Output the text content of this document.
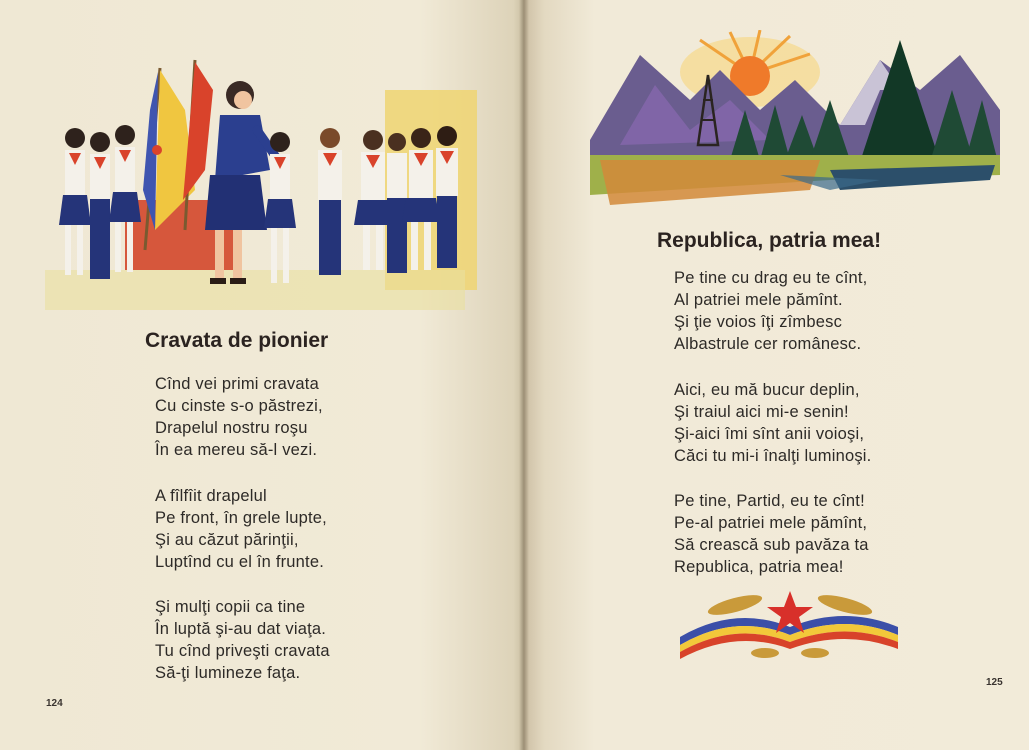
Cravata de pionier
Cînd vei primi cravata
Cu cinste s-o păstrezi,
Drapelul nostru roşu
În ea mereu să-l vezi.
A fîlfîit drapelul
Pe front, în grele lupte,
Şi au căzut părinţii,
Luptînd cu el în frunte.
Şi mulţi copii ca tine
În luptă şi-au dat viaţa.
Tu cînd priveşti cravata
Să-ţi lumineze faţa.
124
Republica, patria mea!
Pe tine cu drag eu te cînt,
Al patriei mele pămînt.
Şi ţie voios îţi zîmbesc
Albastrule cer românesc.
Aici, eu mă bucur deplin,
Şi traiul aici mi-e senin!
Şi-aici îmi sînt anii voioşi,
Căci tu mi-i înalţi luminoşi.
Pe tine, Partid, eu te cînt!
Pe-al patriei mele pămînt,
Să crească sub pavăza ta
Republica, patria mea!
125
